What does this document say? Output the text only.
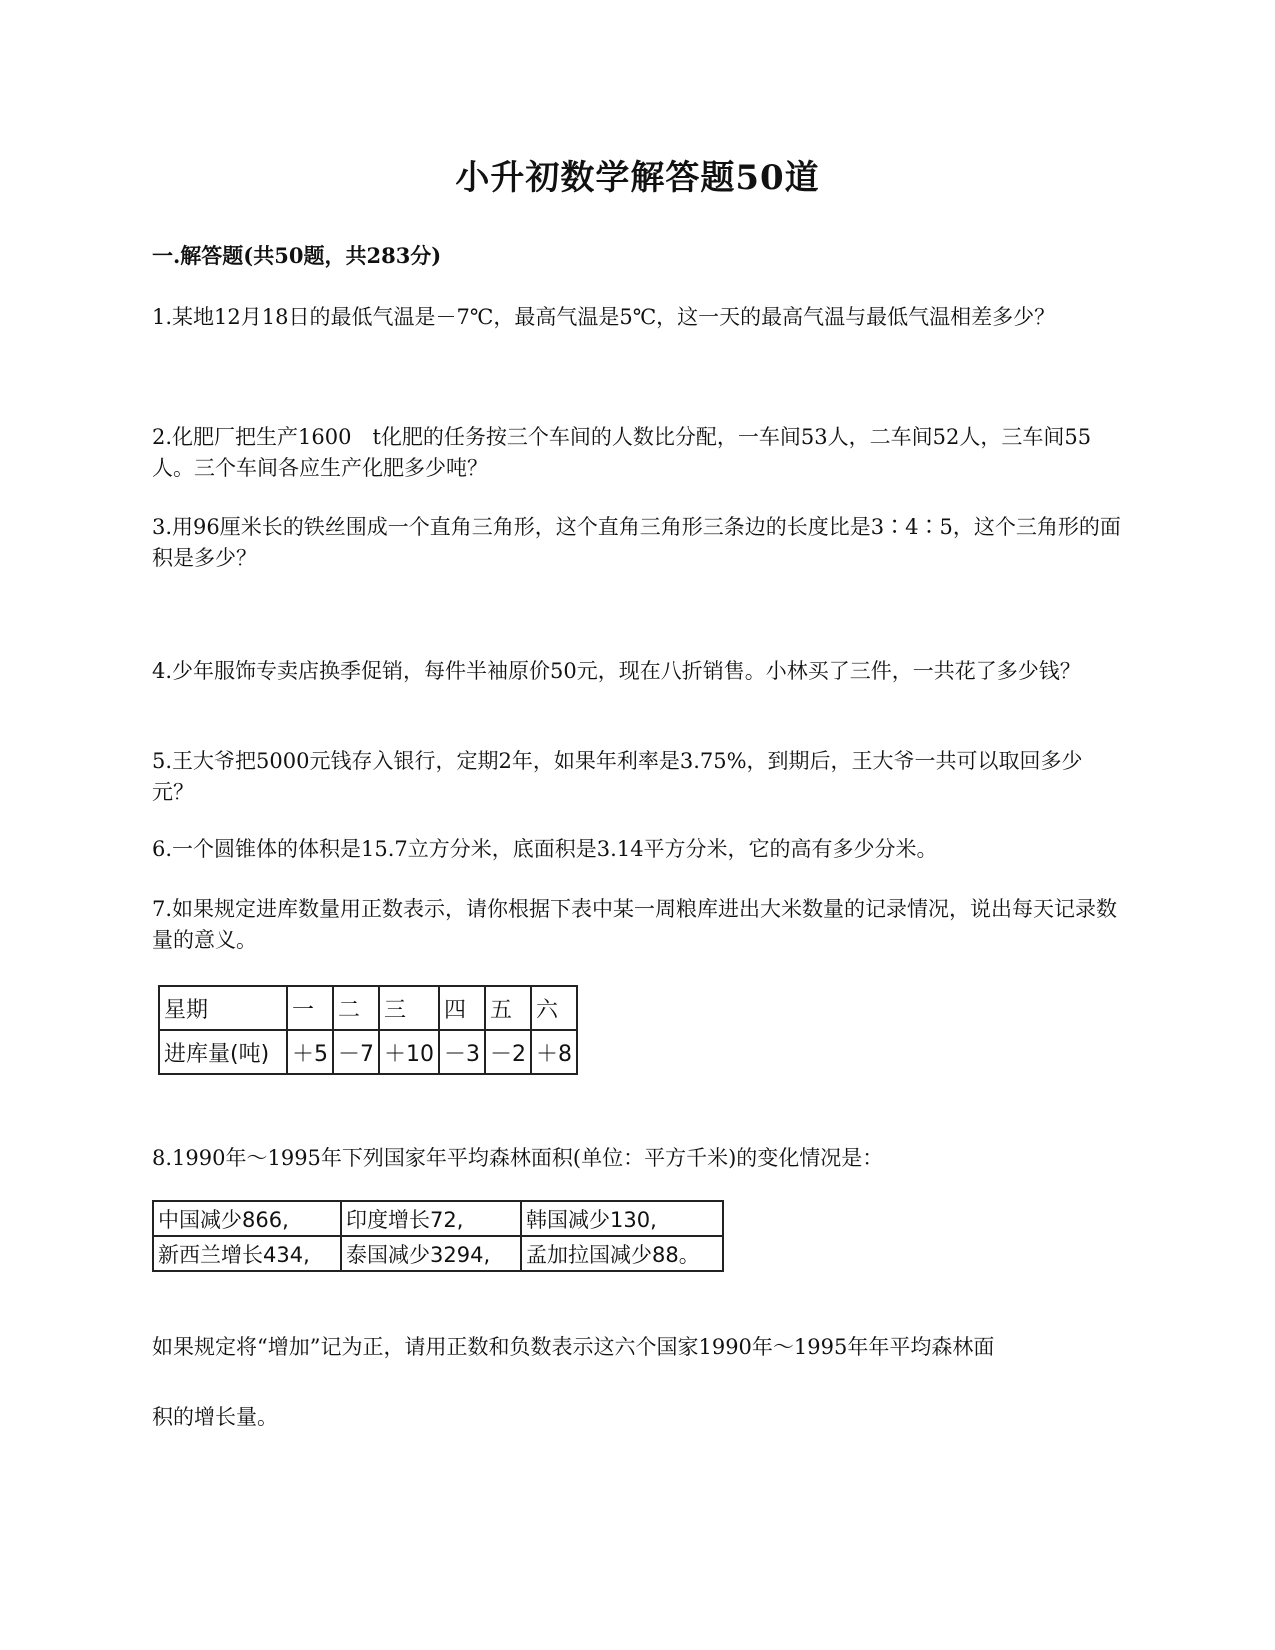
小升初数学解答题50道
一.解答题(共50题，共283分)
1.某地12月18日的最低气温是－7℃，最高气温是5℃，这一天的最高气温与最低气温相差多少？
2.化肥厂把生产1600　t化肥的任务按三个车间的人数比分配，一车间53人，二车间52人，三车间55人。三个车间各应生产化肥多少吨？
3.用96厘米长的铁丝围成一个直角三角形，这个直角三角形三条边的长度比是3∶4∶5，这个三角形的面积是多少？
4.少年服饰专卖店换季促销，每件半袖原价50元，现在八折销售。小林买了三件，一共花了多少钱？
5.王大爷把5000元钱存入银行，定期2年，如果年利率是3.75%，到期后，王大爷一共可以取回多少元？
6.一个圆锥体的体积是15.7立方分米，底面积是3.14平方分米，它的高有多少分米。
7.如果规定进库数量用正数表示，请你根据下表中某一周粮库进出大米数量的记录情况，说出每天记录数量的意义。
星期	一	二	三	四	五	六
进库量(吨)	＋5	－7	＋10	－3	－2	＋8
8.1990年～1995年下列国家年平均森林面积(单位：平方千米)的变化情况是：
中国减少866,	印度增长72,	韩国减少130,
新西兰增长434,	泰国减少3294,	孟加拉国减少88。
如果规定将“增加”记为正，请用正数和负数表示这六个国家1990年～1995年年平均森林面
积的增长量。
